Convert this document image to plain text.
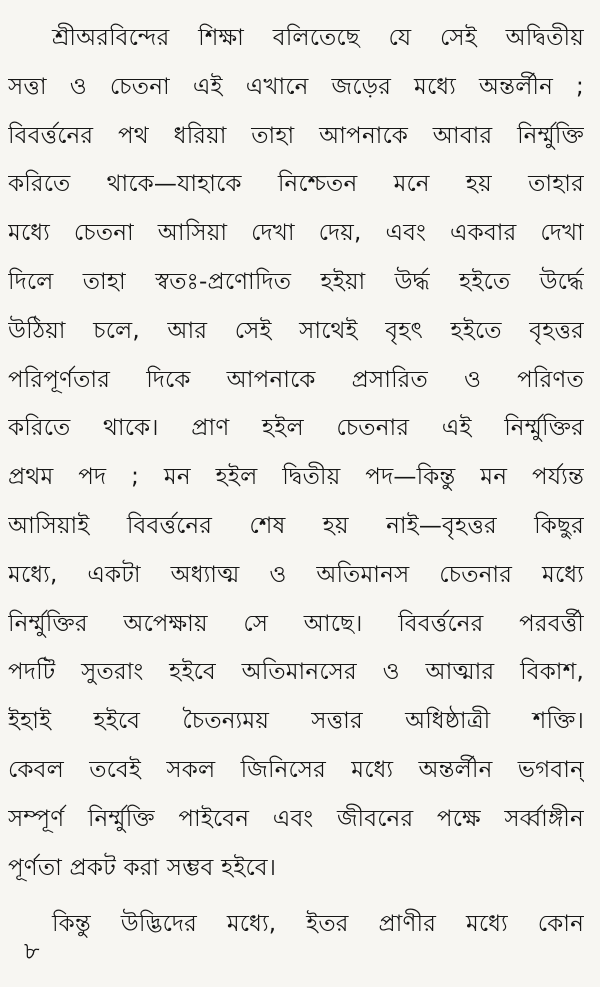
শ্রীঅরবিন্দের শিক্ষা বলিতেছে যে সেই অদ্বিতীয়
সত্তা ও চেতনা এই এখানে জড়ের মধ্যে অন্তর্লীন ;
বিবর্ত্তনের পথ ধরিয়া তাহা আপনাকে আবার নির্ম্মুক্তি
করিতে থাকে—যাহাকে নিশ্চেতন মনে হয় তাহার
মধ্যে চেতনা আসিয়া দেখা দেয়, এবং একবার দেখা
দিলে তাহা স্বতঃ-প্রণোদিত হইয়া উর্দ্ধ হইতে উর্দ্ধে
উঠিয়া চলে, আর সেই সাথেই বৃহৎ হইতে বৃহত্তর
পরিপূর্ণতার দিকে আপনাকে প্রসারিত ও পরিণত
করিতে থাকে। প্রাণ হইল চেতনার এই নির্ম্মুক্তির
প্রথম পদ ; মন হইল দ্বিতীয় পদ—কিন্তু মন পর্য্যন্ত
আসিয়াই বিবর্ত্তনের শেষ হয় নাই—বৃহত্তর কিছুর
মধ্যে, একটা অধ্যাত্ম ও অতিমানস চেতনার মধ্যে
নির্ম্মুক্তির অপেক্ষায় সে আছে। বিবর্ত্তনের পরবর্ত্তী
পদটি সুতরাং হইবে অতিমানসের ও আত্মার বিকাশ,
ইহাই হইবে চৈতন্যময় সত্তার অধিষ্ঠাত্রী শক্তি।
কেবল তবেই সকল জিনিসের মধ্যে অন্তর্লীন ভগবান্
সম্পূর্ণ নির্ম্মুক্তি পাইবেন এবং জীবনের পক্ষে সর্ব্বাঙ্গীন
পূর্ণতা প্রকট করা সম্ভব হইবে।
কিন্তু উদ্ভিদের মধ্যে, ইতর প্রাণীর মধ্যে কোন
৮
